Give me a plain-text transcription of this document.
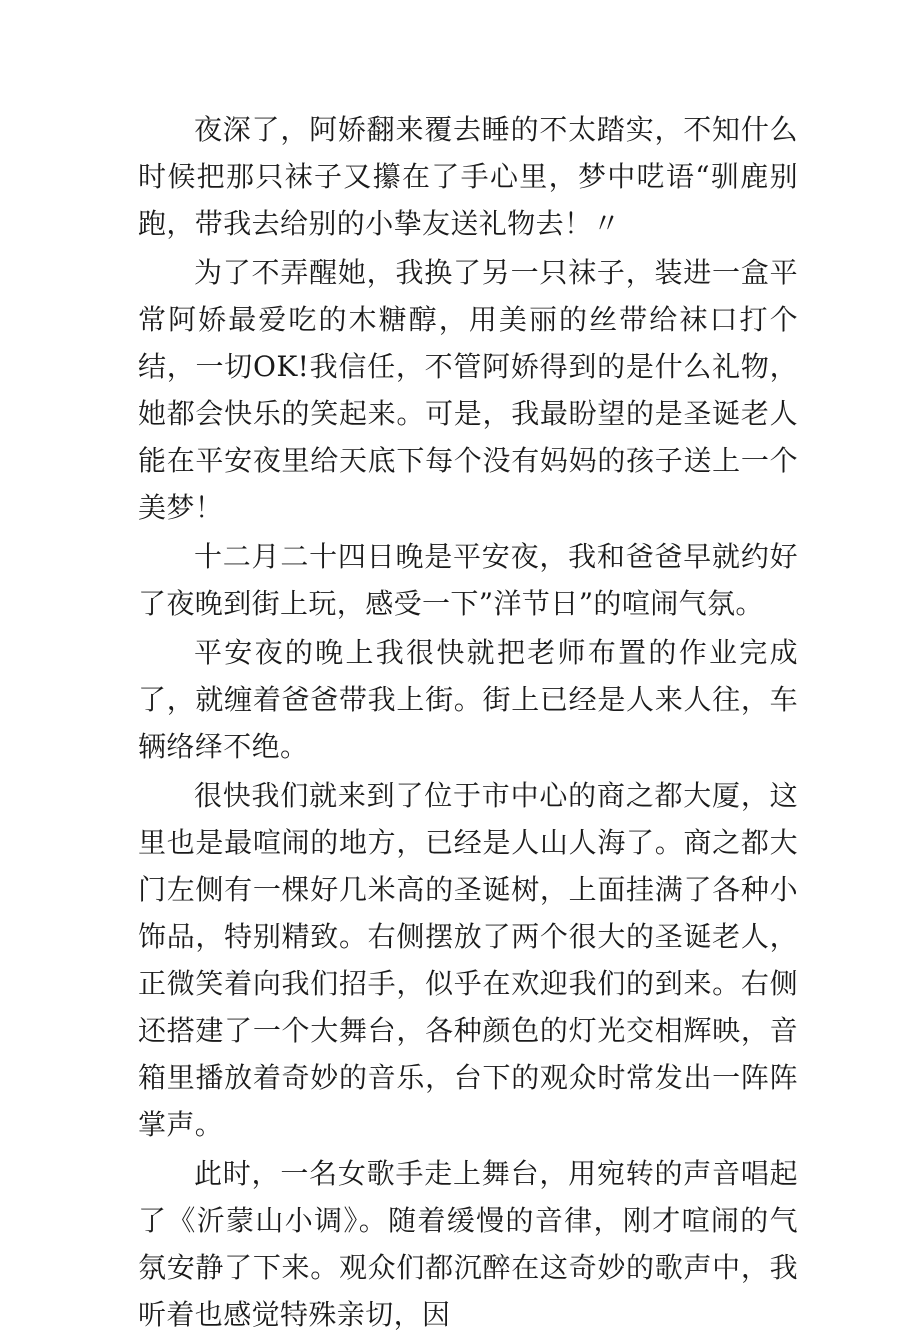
夜深了，阿娇翻来覆去睡的不太踏实，不知什么时候把那只袜子又攥在了手心里，梦中呓语“驯鹿别跑，带我去给别的小挚友送礼物去！〃

为了不弄醒她，我换了另一只袜子，装进一盒平常阿娇最爱吃的木糖醇，用美丽的丝带给袜口打个结，一切OK!我信任，不管阿娇得到的是什么礼物，她都会快乐的笑起来。可是，我最盼望的是圣诞老人能在平安夜里给天底下每个没有妈妈的孩子送上一个美梦！

十二月二十四日晚是平安夜，我和爸爸早就约好了夜晚到街上玩，感受一下”洋节日”的喧闹气氛。

平安夜的晚上我很快就把老师布置的作业完成了，就缠着爸爸带我上街。街上已经是人来人往，车辆络绎不绝。

很快我们就来到了位于市中心的商之都大厦，这里也是最喧闹的地方，已经是人山人海了。商之都大门左侧有一棵好几米高的圣诞树，上面挂满了各种小饰品，特别精致。右侧摆放了两个很大的圣诞老人，正微笑着向我们招手，似乎在欢迎我们的到来。右侧还搭建了一个大舞台，各种颜色的灯光交相辉映，音箱里播放着奇妙的音乐，台下的观众时常发出一阵阵掌声。

此时，一名女歌手走上舞台，用宛转的声音唱起了《沂蒙山小调》。随着缓慢的音律，刚才喧闹的气氛安静了下来。观众们都沉醉在这奇妙的歌声中，我听着也感觉特殊亲切，因
